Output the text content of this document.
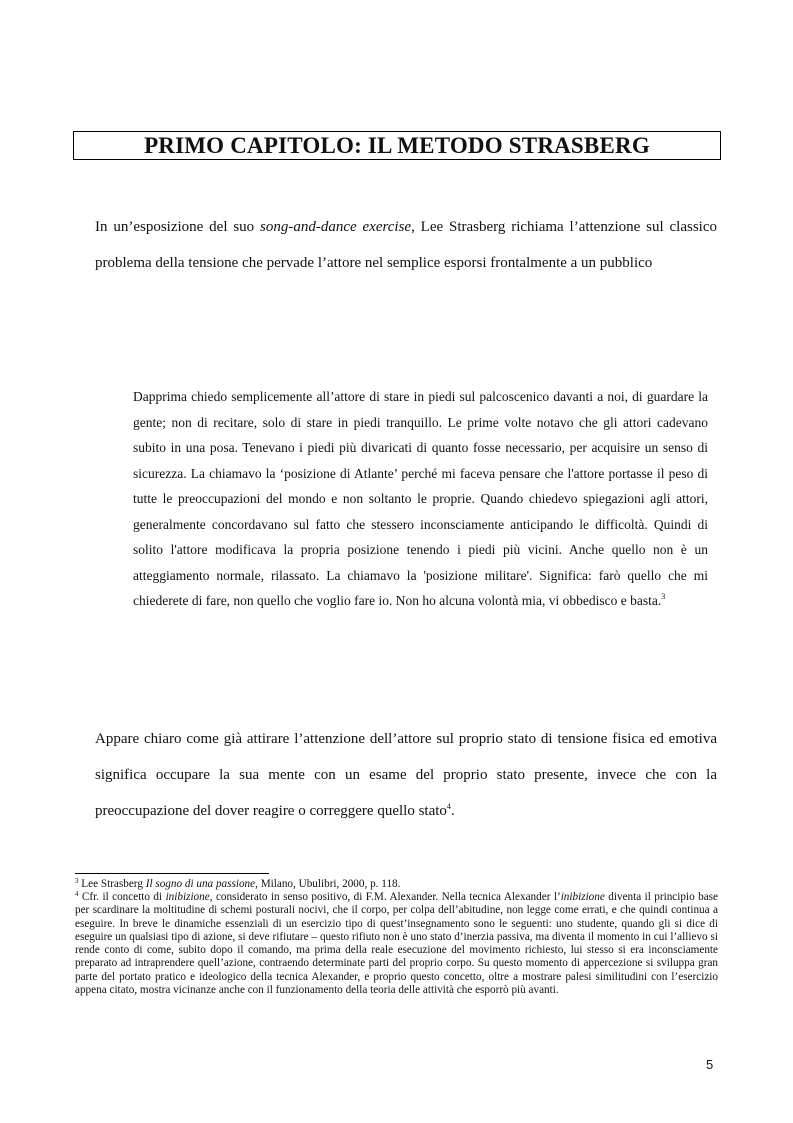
PRIMO CAPITOLO: IL METODO STRASBERG

In un’esposizione del suo song-and-dance exercise, Lee Strasberg richiama l’attenzione sul classico problema della tensione che pervade l’attore nel semplice esporsi frontalmente a un pubblico

Dapprima chiedo semplicemente all’attore di stare in piedi sul palcoscenico davanti a noi, di guardare la gente; non di recitare, solo di stare in piedi tranquillo. Le prime volte notavo che gli attori cadevano subito in una posa. Tenevano i piedi più divaricati di quanto fosse necessario, per acquisire un senso di sicurezza. La chiamavo la ‘posizione di Atlante’ perché mi faceva pensare che l'attore portasse il peso di tutte le preoccupazioni del mondo e non soltanto le proprie. Quando chiedevo spiegazioni agli attori, generalmente concordavano sul fatto che stessero inconsciamente anticipando le difficoltà. Quindi di solito l'attore modificava la propria posizione tenendo i piedi più vicini. Anche quello non è un atteggiamento normale, rilassato. La chiamavo la 'posizione militare'. Significa: farò quello che mi chiederete di fare, non quello che voglio fare io. Non ho alcuna volontà mia, vi obbedisco e basta.$^3$

Appare chiaro come già attirare l’attenzione dell’attore sul proprio stato di tensione fisica ed emotiva significa occupare la sua mente con un esame del proprio stato presente, invece che con la preoccupazione del dover reagire o correggere quello stato$^4$.

$^3$ Lee Strasberg Il sogno di una passione, Milano, Ubulibri, 2000, p. 118.

$^4$ Cfr. il concetto di inibizione, considerato in senso positivo, di F.M. Alexander. Nella tecnica Alexander l’inibizione diventa il principio base per scardinare la moltitudine di schemi posturali nocivi, che il corpo, per colpa dell’abitudine, non legge come errati, e che quindi continua a eseguire. In breve le dinamiche essenziali di un esercizio tipo di quest’insegnamento sono le seguenti: uno studente, quando gli si dice di eseguire un qualsiasi tipo di azione, si deve rifiutare – questo rifiuto non è uno stato d’inerzia passiva, ma diventa il momento in cui l’allievo si rende conto di come, subito dopo il comando, ma prima della reale esecuzione del movimento richiesto, lui stesso si era inconsciamente preparato ad intraprendere quell’azione, contraendo determinate parti del proprio corpo. Su questo momento di appercezione si sviluppa gran parte del portato pratico e ideologico della tecnica Alexander, e proprio questo concetto, oltre a mostrare palesi similitudini con l’esercizio appena citato, mostra vicinanze anche con il funzionamento della teoria delle attività che esporrò più avanti.

5
